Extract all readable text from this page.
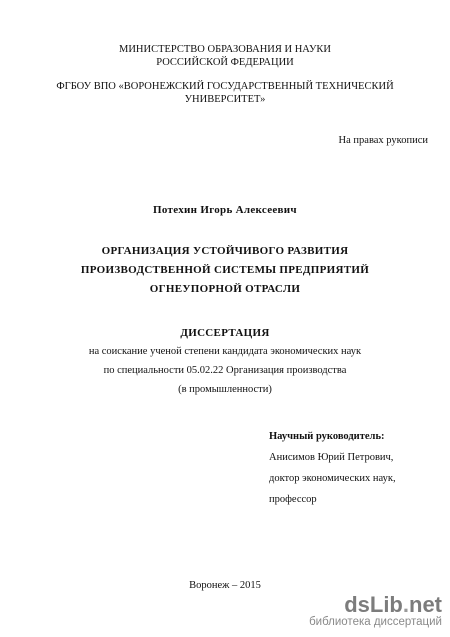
МИНИСТЕРСТВО ОБРАЗОВАНИЯ И НАУКИ
РОССИЙСКОЙ ФЕДЕРАЦИИ
ФГБОУ ВПО «ВОРОНЕЖСКИЙ ГОСУДАРСТВЕННЫЙ ТЕХНИЧЕСКИЙ
УНИВЕРСИТЕТ»
На правах рукописи
Потехин Игорь Алексеевич
ОРГАНИЗАЦИЯ УСТОЙЧИВОГО РАЗВИТИЯ
ПРОИЗВОДСТВЕННОЙ СИСТЕМЫ ПРЕДПРИЯТИЙ
ОГНЕУПОРНОЙ ОТРАСЛИ
ДИССЕРТАЦИЯ
на соискание ученой степени кандидата экономических наук
по специальности 05.02.22 Организация производства
(в промышленности)
Научный руководитель:
Анисимов Юрий Петрович,
доктор экономических наук,
профессор
Воронеж – 2015
dsLib.net
библиотека диссертаций
